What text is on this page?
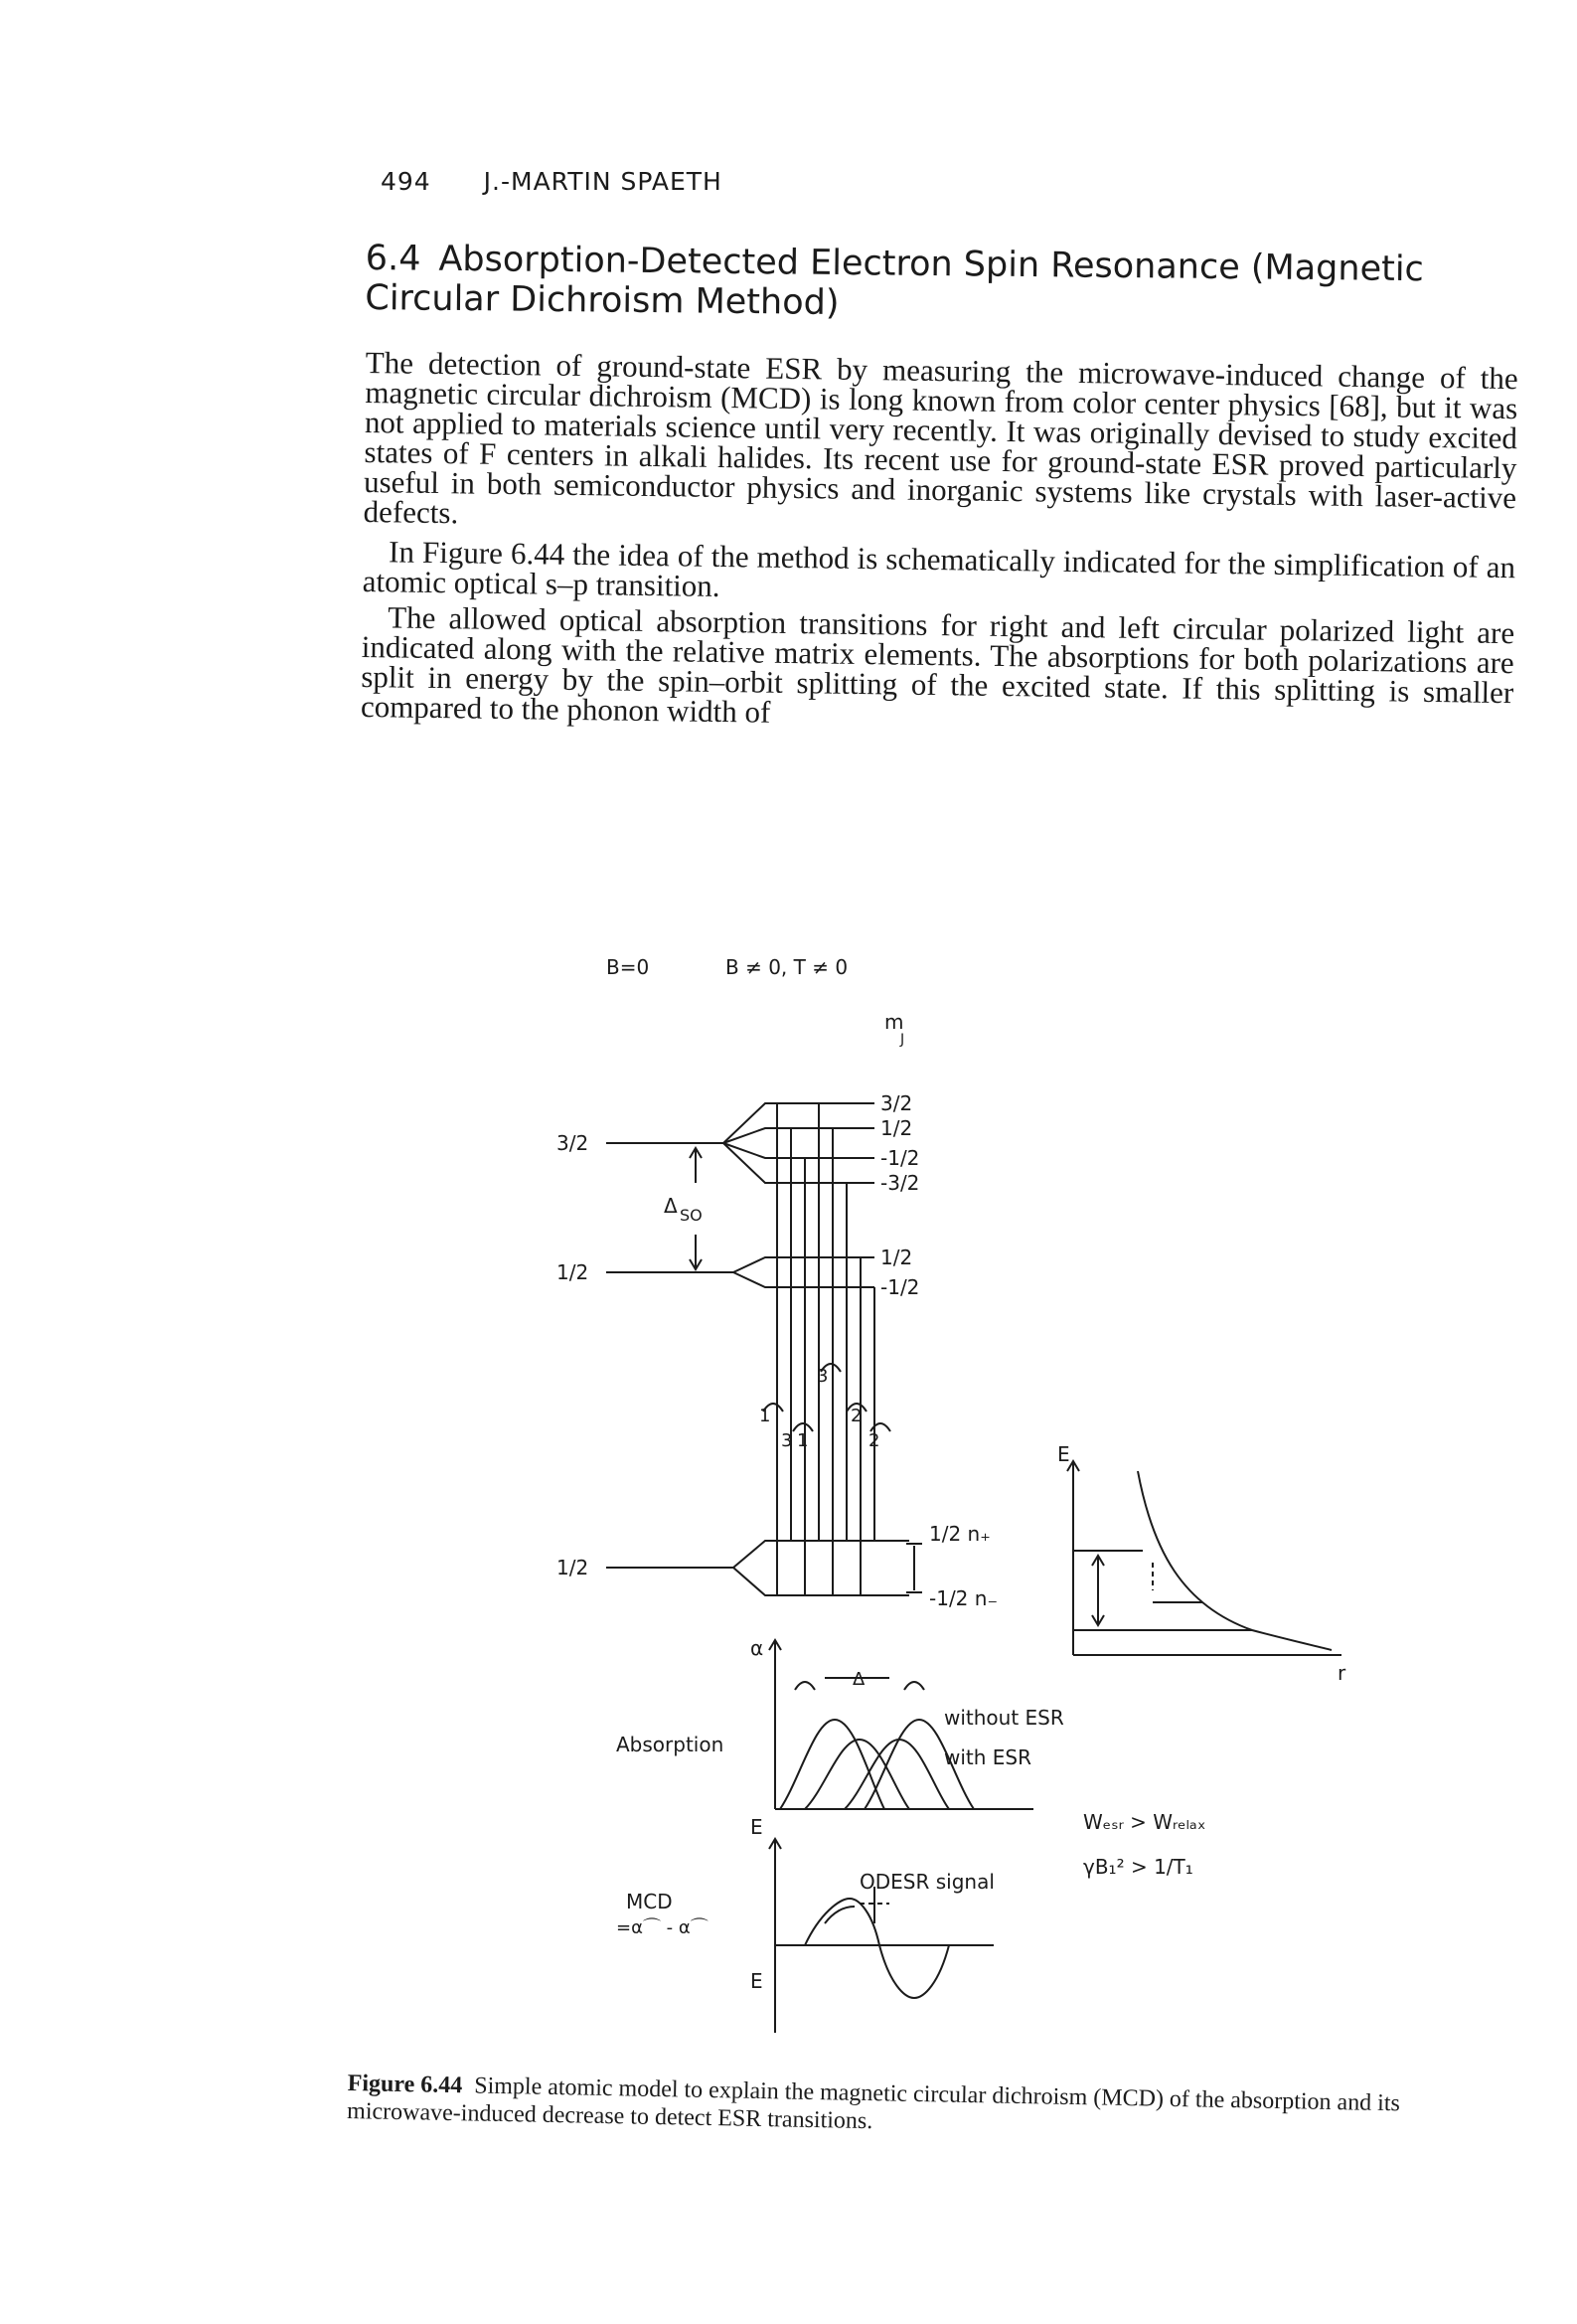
494 J.-MARTIN SPAETH
6.4 Absorption-Detected Electron Spin Resonance (Magnetic Circular Dichroism Method)

The detection of ground-state ESR by measuring the microwave-induced change of the magnetic circular dichroism (MCD) is long known from color center physics [68], but it was not applied to materials science until very recently. It was originally devised to study excited states of F centers in alkali halides. Its recent use for ground-state ESR proved particularly useful in both semiconductor physics and inorganic systems like crystals with laser-active defects.

In Figure 6.44 the idea of the method is schematically indicated for the simplification of an atomic optical s–p transition.

The allowed optical absorption transitions for right and left circular polarized light are indicated along with the relative matrix elements. The absorptions for both polarizations are split in energy by the spin–orbit splitting of the excited state. If this splitting is smaller compared to the phonon width of

B=0	B ≠ 0, T ≠ 0
m
J
3/2
1/2
1/2
Δ SO
3/2
1/2
-1/2
-3/2
1/2
-1/2
1/2 n₊
-1/2 n₋
1
3
3
1
2
2
E
r
α
Absorption
E
Δ
without ESR
with ESR
MCD
=α⌒ - α⌒
ODESR signal
E
Wₑₛᵣ > Wᵣₑₗₐₓ
γB₁² > 1/T₁
Figure 6.44 Simple atomic model to explain the magnetic circular dichroism (MCD) of the absorption and its microwave-induced decrease to detect ESR transitions.
